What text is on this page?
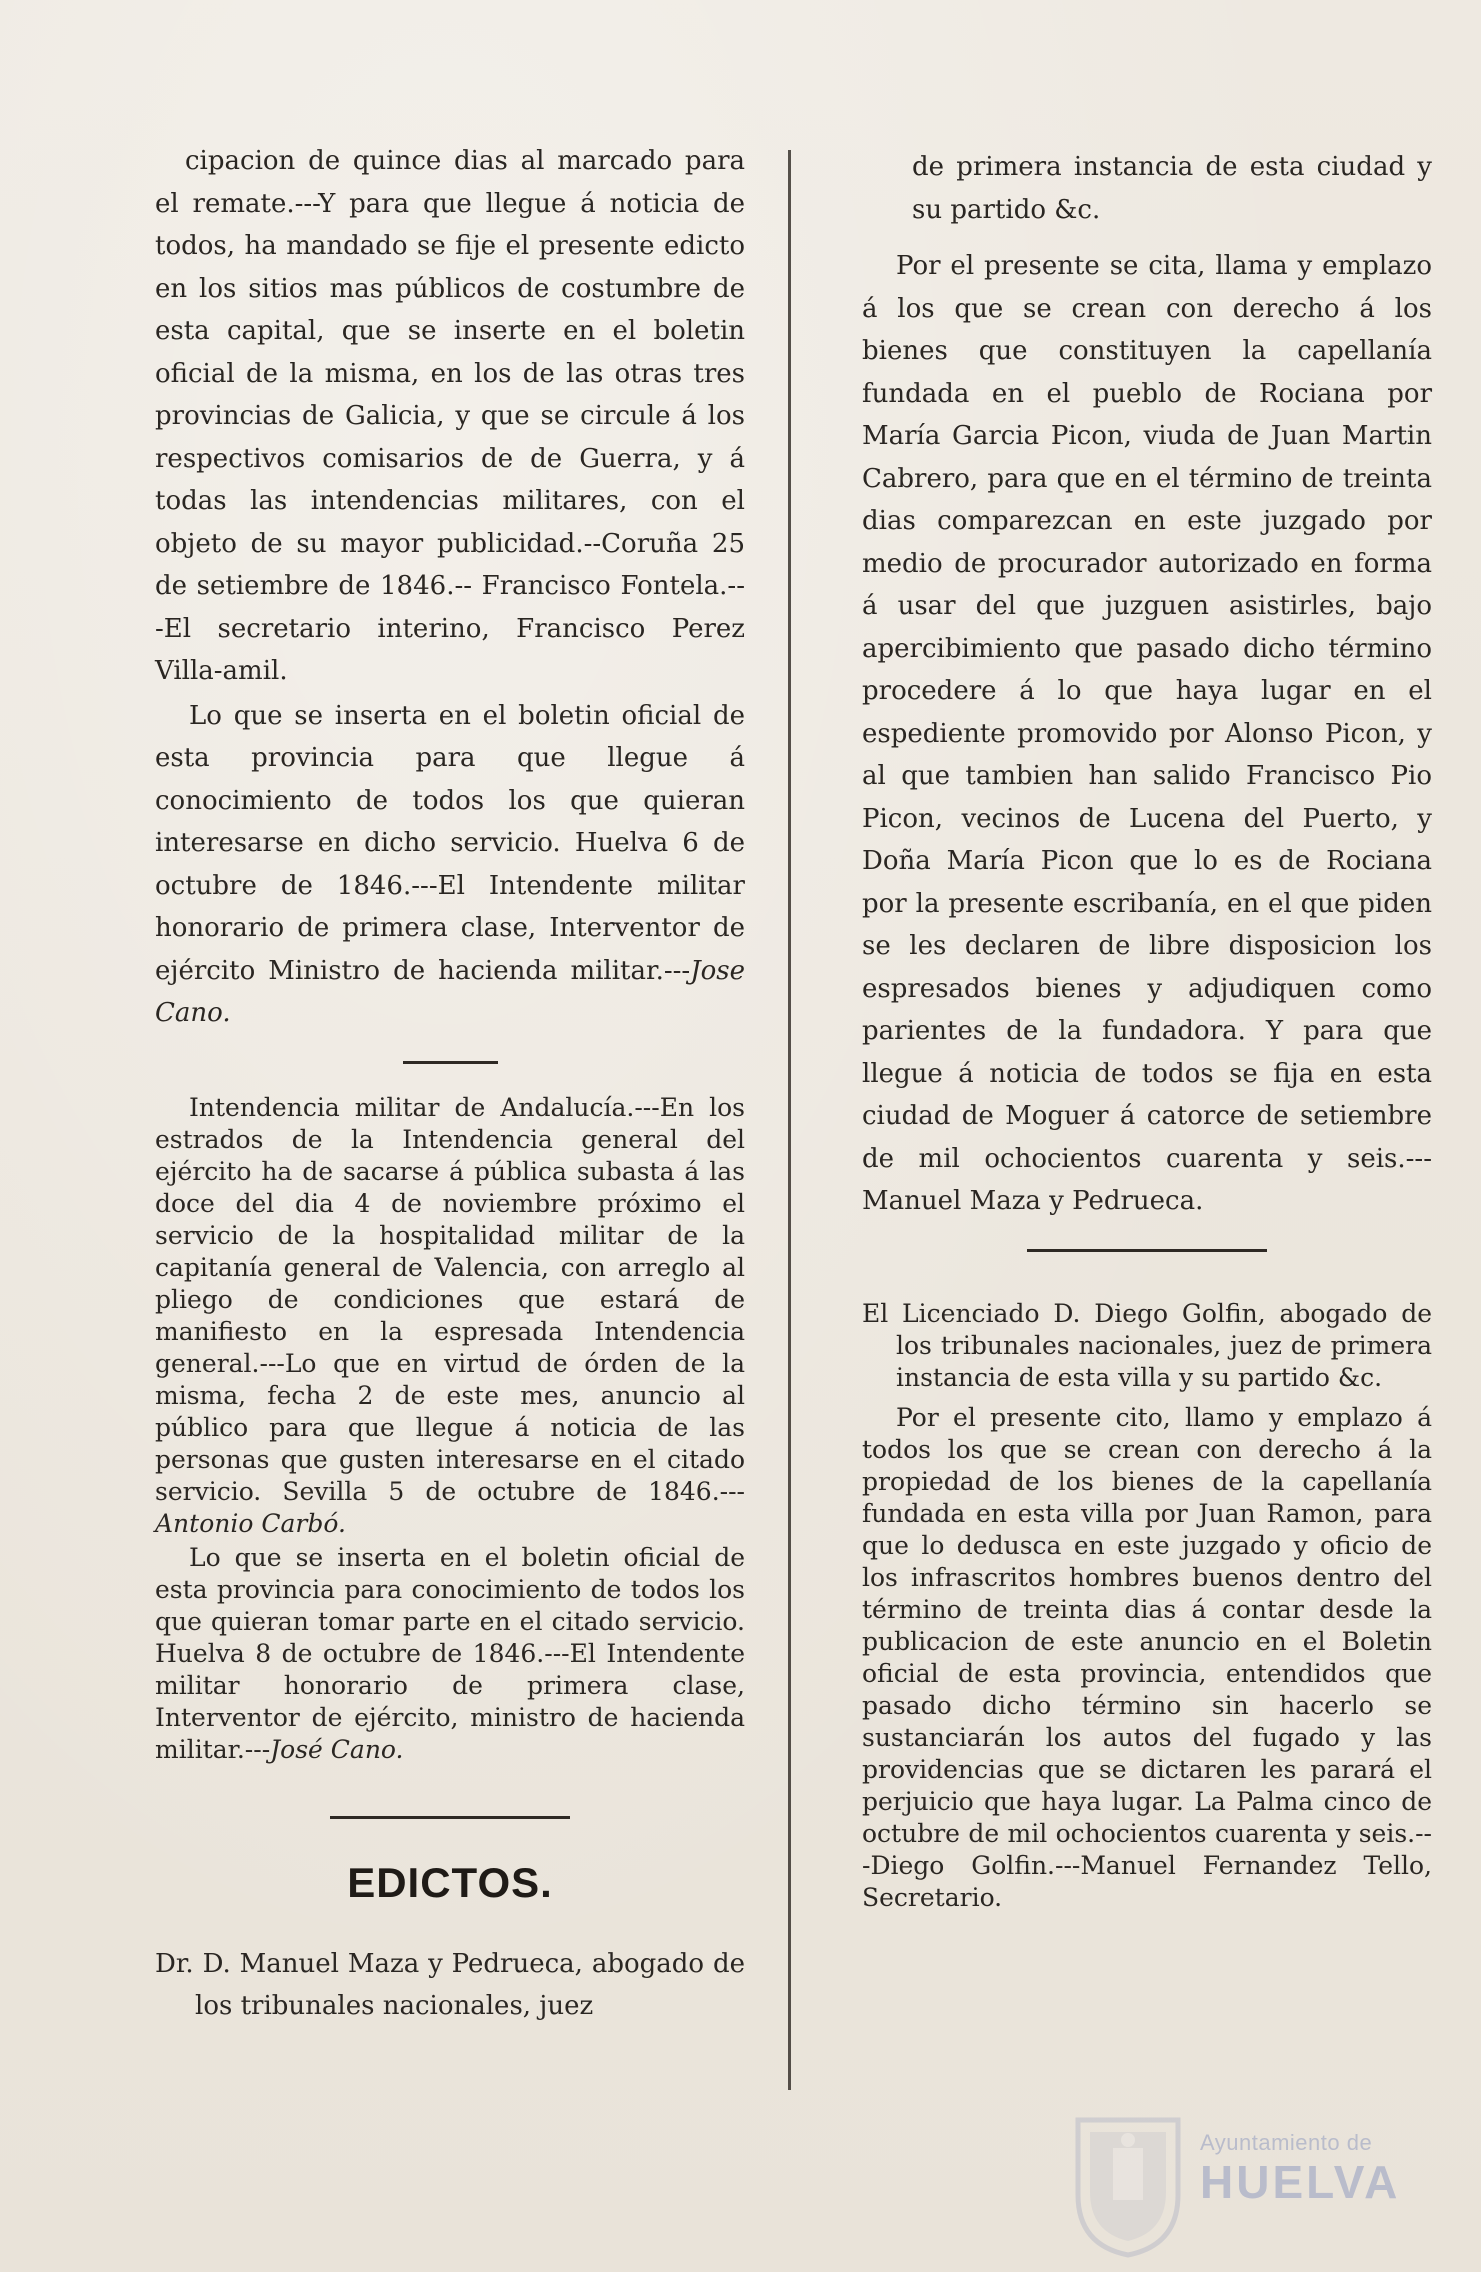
cipacion de quince dias al marcado para el remate.---Y para que llegue á noticia de todos, ha mandado se fije el presente edicto en los sitios mas públicos de costumbre de esta capital, que se inserte en el boletin oficial de la misma, en los de las otras tres provincias de Galicia, y que se circule á los respectivos comisarios de de Guerra, y á todas las intendencias militares, con el objeto de su mayor publicidad.--Coruña 25 de setiembre de 1846.-- Francisco Fontela.---El secretario interino, Francisco Perez Villa-amil.

Lo que se inserta en el boletin oficial de esta provincia para que llegue á conocimiento de todos los que quieran interesarse en dicho servicio. Huelva 6 de octubre de 1846.---El Intendente militar honorario de primera clase, Interventor de ejército Ministro de hacienda militar.---Jose Cano.

Intendencia militar de Andalucía.---En los estrados de la Intendencia general del ejército ha de sacarse á pública subasta á las doce del dia 4 de noviembre próximo el servicio de la hospitalidad militar de la capitanía general de Valencia, con arreglo al pliego de condiciones que estará de manifiesto en la espresada Intendencia general.---Lo que en virtud de órden de la misma, fecha 2 de este mes, anuncio al público para que llegue á noticia de las personas que gusten interesarse en el citado servicio. Sevilla 5 de octubre de 1846.---Antonio Carbó.

Lo que se inserta en el boletin oficial de esta provincia para conocimiento de todos los que quieran tomar parte en el citado servicio. Huelva 8 de octubre de 1846.---El Intendente militar honorario de primera clase, Interventor de ejército, ministro de hacienda militar.---José Cano.

EDICTOS.

Dr. D. Manuel Maza y Pedrueca, abogado de los tribunales nacionales, juez

de primera instancia de esta ciudad y su partido &c.

Por el presente se cita, llama y emplazo á los que se crean con derecho á los bienes que constituyen la capellanía fundada en el pueblo de Rociana por María Garcia Picon, viuda de Juan Martin Cabrero, para que en el término de treinta dias comparezcan en este juzgado por medio de procurador autorizado en forma á usar del que juzguen asistirles, bajo apercibimiento que pasado dicho término procedere á lo que haya lugar en el espediente promovido por Alonso Picon, y al que tambien han salido Francisco Pio Picon, vecinos de Lucena del Puerto, y Doña María Picon que lo es de Rociana por la presente escribanía, en el que piden se les declaren de libre disposicion los espresados bienes y adjudiquen como parientes de la fundadora. Y para que llegue á noticia de todos se fija en esta ciudad de Moguer á catorce de setiembre de mil ochocientos cuarenta y seis.---Manuel Maza y Pedrueca.

El Licenciado D. Diego Golfin, abogado de los tribunales nacionales, juez de primera instancia de esta villa y su partido &c.

Por el presente cito, llamo y emplazo á todos los que se crean con derecho á la propiedad de los bienes de la capellanía fundada en esta villa por Juan Ramon, para que lo dedusca en este juzgado y oficio de los infrascritos hombres buenos dentro del término de treinta dias á contar desde la publicacion de este anuncio en el Boletin oficial de esta provincia, entendidos que pasado dicho término sin hacerlo se sustanciarán los autos del fugado y las providencias que se dictaren les parará el perjuicio que haya lugar. La Palma cinco de octubre de mil ochocientos cuarenta y seis.---Diego Golfin.---Manuel Fernandez Tello, Secretario.

Ayuntamiento de
HUELVA
